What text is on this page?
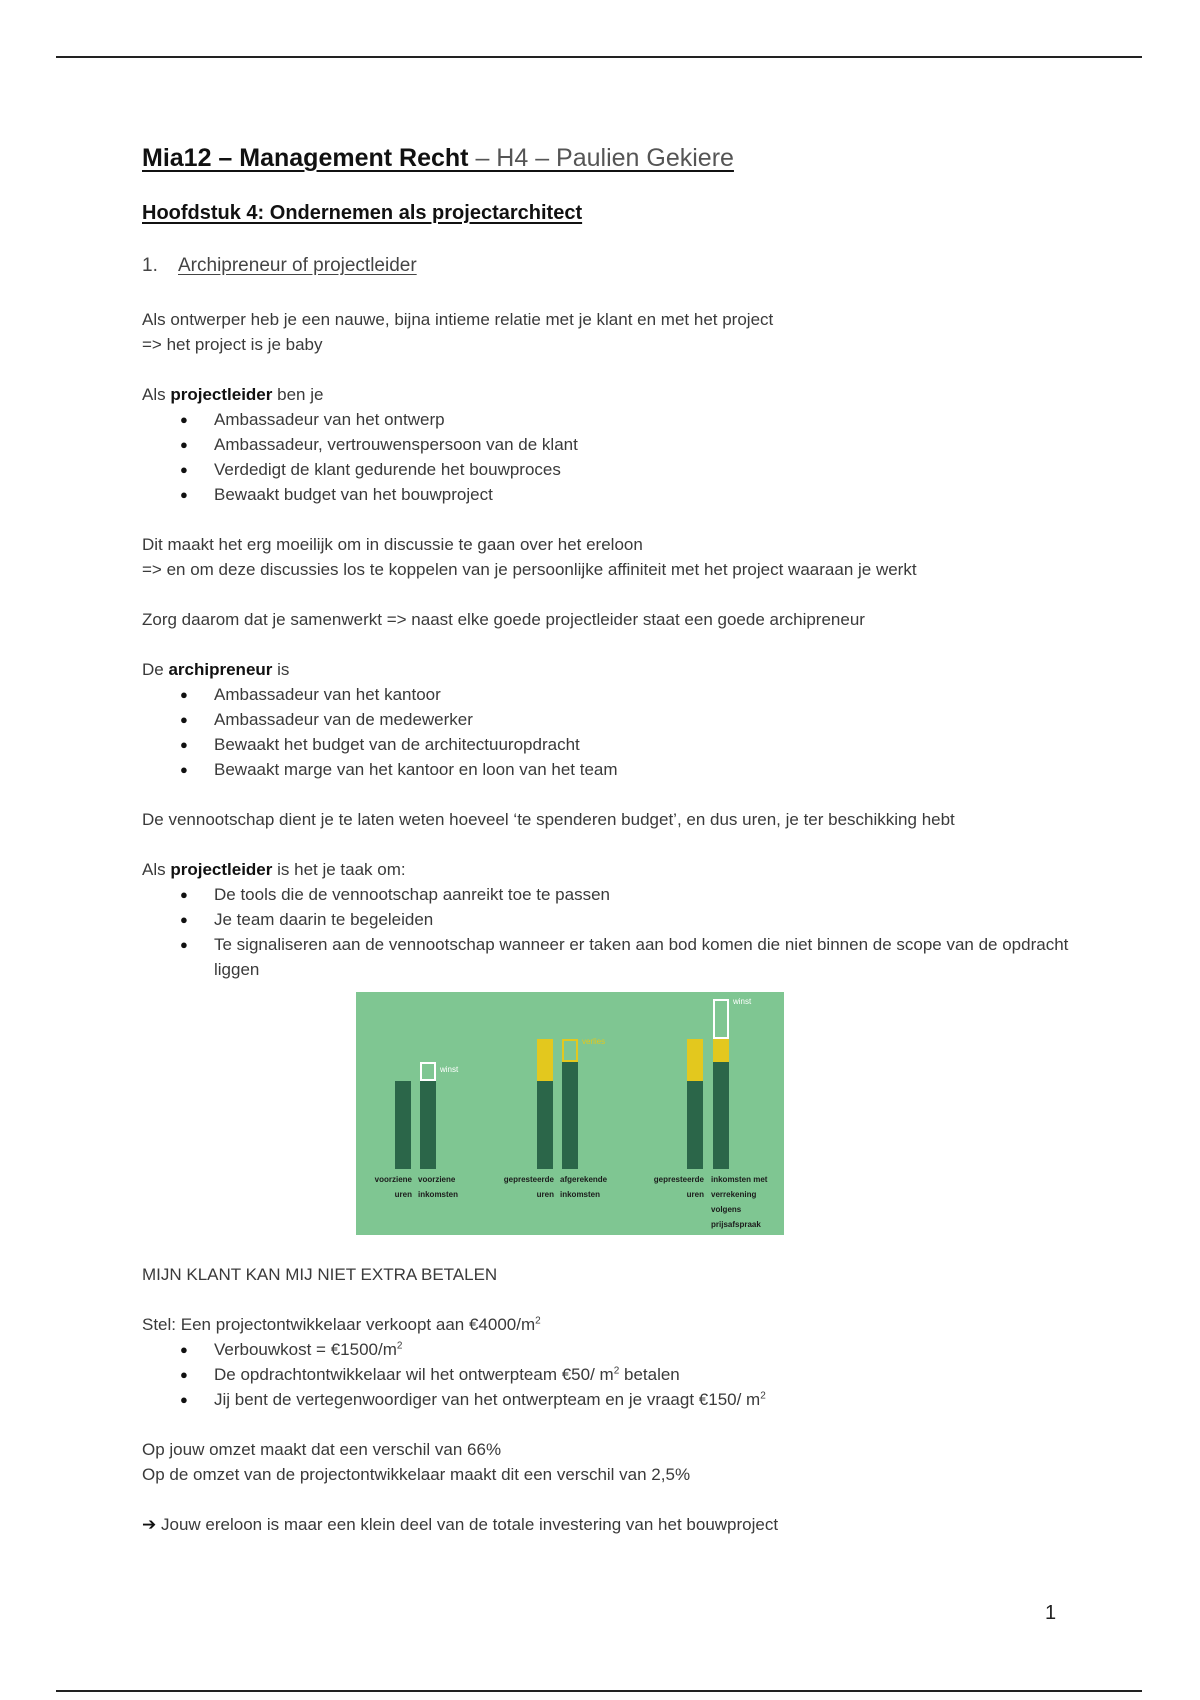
Mia12 – Management Recht – H4 – Paulien Gekiere

Hoofdstuk 4: Ondernemen als projectarchitect

1. Archipreneur of projectleider

Als ontwerper heb je een nauwe, bijna intieme relatie met je klant en met het project

=> het project is je baby

Als projectleider ben je

● Ambassadeur van het ontwerp
● Ambassadeur, vertrouwenspersoon van de klant
● Verdedigt de klant gedurende het bouwproces
● Bewaakt budget van het bouwproject

Dit maakt het erg moeilijk om in discussie te gaan over het ereloon

=> en om deze discussies los te koppelen van je persoonlijke affiniteit met het project waaraan je werkt

Zorg daarom dat je samenwerkt => naast elke goede projectleider staat een goede archipreneur

De archipreneur is

● Ambassadeur van het kantoor
● Ambassadeur van de medewerker
● Bewaakt het budget van de architectuuropdracht
● Bewaakt marge van het kantoor en loon van het team

De vennootschap dient je te laten weten hoeveel ‘te spenderen budget’, en dus uren, je ter beschikking hebt

Als projectleider is het je taak om:

● De tools die de vennootschap aanreikt toe te passen
● Je team daarin te begeleiden
● Te signaliseren aan de vennootschap wanneer er taken aan bod komen die niet binnen de scope van de opdracht liggen
winst
verlies
winst
voorziene uren
voorziene inkomsten
gepresteerde uren
afgerekende inkomsten
gepresteerde uren
inkomsten met verrekening volgens prijsafspraak

MIJN KLANT KAN MIJ NIET EXTRA BETALEN

Stel: Een projectontwikkelaar verkoopt aan $€4000/m^2$

● Verbouwkost = $€1500/m^2$
● De opdrachtontwikkelaar wil het ontwerpteam €50/ $m^2$ betalen
● Jij bent de vertegenwoordiger van het ontwerpteam en je vraagt €150/ $m^2$

Op jouw omzet maakt dat een verschil van 66%

Op de omzet van de projectontwikkelaar maakt dit een verschil van 2,5%

➔ Jouw ereloon is maar een klein deel van de totale investering van het bouwproject

1
